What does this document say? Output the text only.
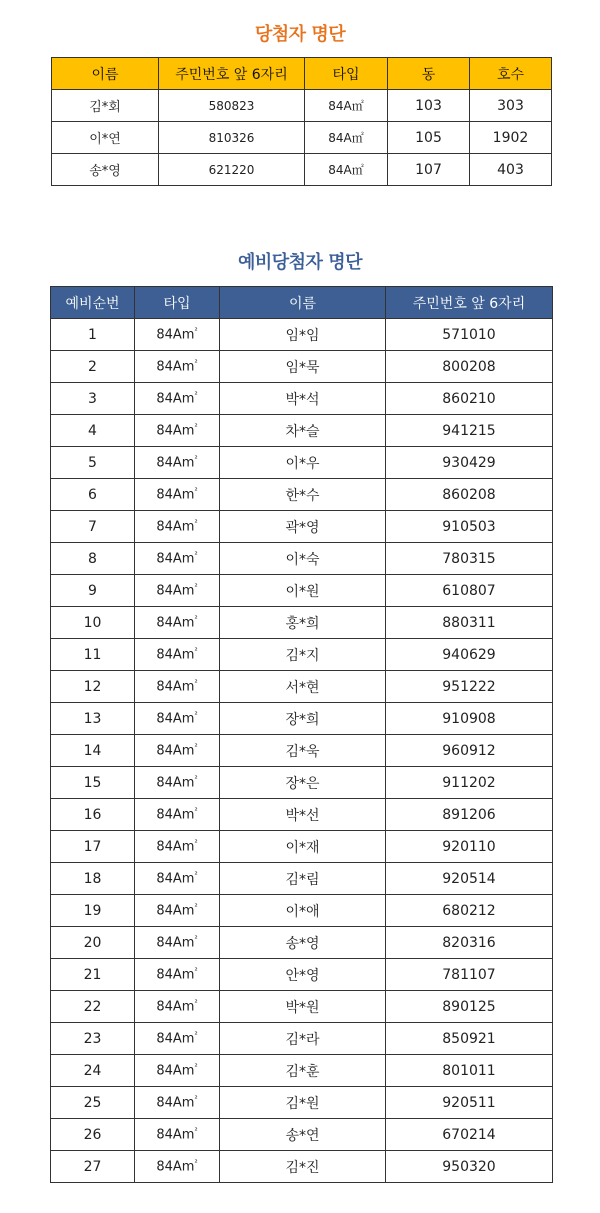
당첨자 명단
이름	주민번호 앞 6자리	타입	동	호수
김*회	580823	84A㎡	103	303
이*연	810326	84A㎡	105	1902
송*영	621220	84A㎡	107	403
예비당첨자 명단
예비순번	타입	이름	주민번호 앞 6자리
1	$84Am^{^2}$	임*임	571010
2	$84Am^{^2}$	임*묵	800208
3	$84Am^{^2}$	박*석	860210
4	$84Am^{^2}$	차*슬	941215
5	$84Am^{^2}$	이*우	930429
6	$84Am^{^2}$	한*수	860208
7	$84Am^{^2}$	곽*영	910503
8	$84Am^{^2}$	이*숙	780315
9	$84Am^{^2}$	이*원	610807
10	$84Am^{^2}$	홍*희	880311
11	$84Am^{^2}$	김*지	940629
12	$84Am^{^2}$	서*현	951222
13	$84Am^{^2}$	장*희	910908
14	$84Am^{^2}$	김*욱	960912
15	$84Am^{^2}$	장*은	911202
16	$84Am^{^2}$	박*선	891206
17	$84Am^{^2}$	이*재	920110
18	$84Am^{^2}$	김*림	920514
19	$84Am^{^2}$	이*애	680212
20	$84Am^{^2}$	송*영	820316
21	$84Am^{^2}$	안*영	781107
22	$84Am^{^2}$	박*원	890125
23	$84Am^{^2}$	김*라	850921
24	$84Am^{^2}$	김*훈	801011
25	$84Am^{^2}$	김*원	920511
26	$84Am^{^2}$	송*연	670214
27	$84Am^{^2}$	김*진	950320
